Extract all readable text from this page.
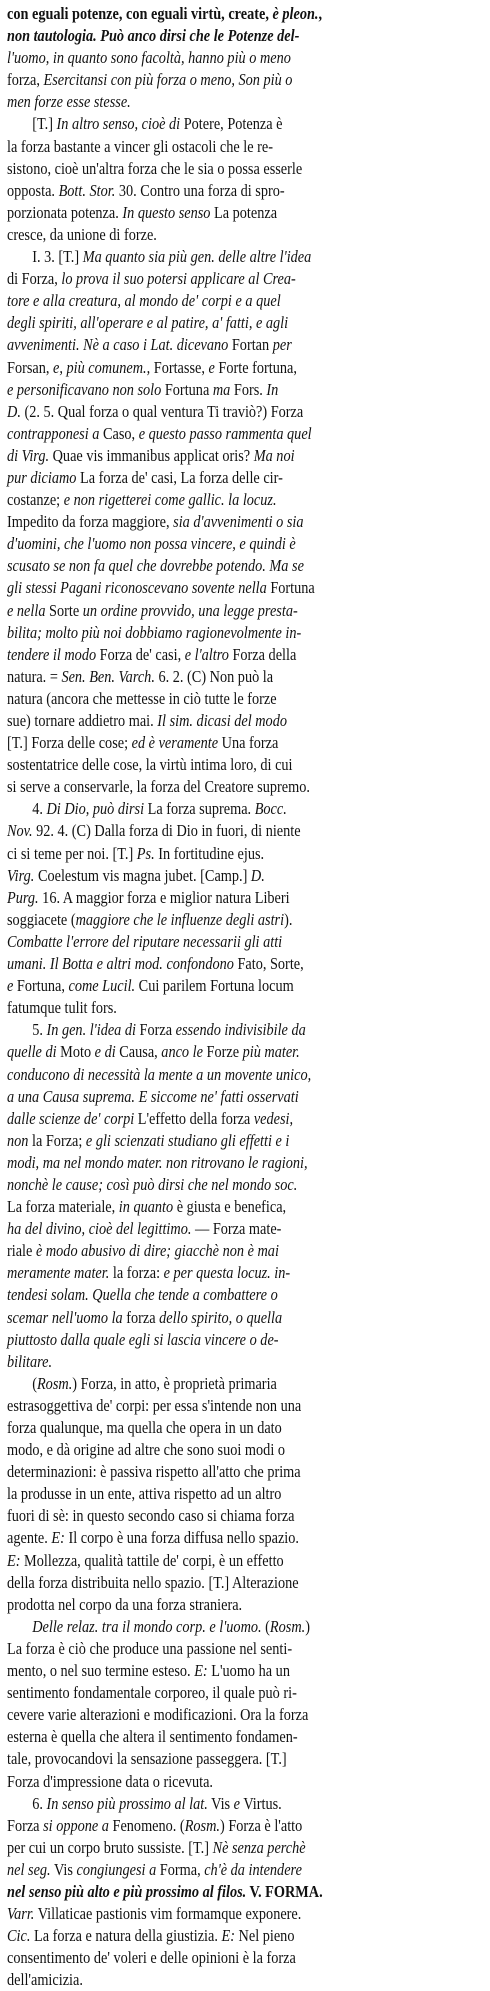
con eguali potenze, con eguali virtù, create, è pleon.,
non tautologia. Può anco dirsi che le Potenze del-
l'uomo, in quanto sono facoltà, hanno più o meno
forza, Esercitansi con più forza o meno, Son più o
men forze esse stesse.
[T.] In altro senso, cioè di Potere, Potenza è
la forza bastante a vincer gli ostacoli che le re-
sistono, cioè un'altra forza che le sia o possa esserle
opposta. Bott. Stor. 30. Contro una forza di spro-
porzionata potenza. In questo senso La potenza
cresce, da unione di forze.
I. 3. [T.] Ma quanto sia più gen. delle altre l'idea
di Forza, lo prova il suo potersi applicare al Crea-
tore e alla creatura, al mondo de' corpi e a quel
degli spiriti, all'operare e al patire, a' fatti, e agli
avvenimenti. Nè a caso i Lat. dicevano Fortan per
Forsan, e, più comunem., Fortasse, e Forte fortuna,
e personificavano non solo Fortuna ma Fors. In
D. (2. 5. Qual forza o qual ventura Ti traviò?) Forza
contrapponesi a Caso, e questo passo rammenta quel
di Virg. Quae vis immanibus applicat oris? Ma noi
pur diciamo La forza de' casi, La forza delle cir-
costanze; e non rigetterei come gallic. la locuz.
Impedito da forza maggiore, sia d'avvenimenti o sia
d'uomini, che l'uomo non possa vincere, e quindi è
scusato se non fa quel che dovrebbe potendo. Ma se
gli stessi Pagani riconoscevano sovente nella Fortuna
e nella Sorte un ordine provvido, una legge presta-
bilita; molto più noi dobbiamo ragionevolmente in-
tendere il modo Forza de' casi, e l'altro Forza della
natura. = Sen. Ben. Varch. 6. 2. (C) Non può la
natura (ancora che mettesse in ciò tutte le forze
sue) tornare addietro mai. Il sim. dicasi del modo
[T.] Forza delle cose; ed è veramente Una forza
sostentatrice delle cose, la virtù intima loro, di cui
si serve a conservarle, la forza del Creatore supremo.
4. Di Dio, può dirsi La forza suprema. Bocc.
Nov. 92. 4. (C) Dalla forza di Dio in fuori, di niente
ci si teme per noi. [T.] Ps. In fortitudine ejus.
Virg. Coelestum vis magna jubet. [Camp.] D.
Purg. 16. A maggior forza e miglior natura Liberi
soggiacete (maggiore che le influenze degli astri).
Combatte l'errore del riputare necessarii gli atti
umani. Il Botta e altri mod. confondono Fato, Sorte,
e Fortuna, come Lucil. Cui parilem Fortuna locum
fatumque tulit fors.
5. In gen. l'idea di Forza essendo indivisibile da
quelle di Moto e di Causa, anco le Forze più mater.
conducono di necessità la mente a un movente unico,
a una Causa suprema. E siccome ne' fatti osservati
dalle scienze de' corpi L'effetto della forza vedesi,
non la Forza; e gli scienzati studiano gli effetti e i
modi, ma nel mondo mater. non ritrovano le ragioni,
nonchè le cause; così può dirsi che nel mondo soc.
La forza materiale, in quanto è giusta e benefica,
ha del divino, cioè del legittimo. — Forza mate-
riale è modo abusivo di dire; giacchè non è mai
meramente mater. la forza: e per questa locuz. in-
tendesi solam. Quella che tende a combattere o
scemar nell'uomo la forza dello spirito, o quella
piuttosto dalla quale egli si lascia vincere o de-
bilitare.
(Rosm.) Forza, in atto, è proprietà primaria
estrasoggettiva de' corpi: per essa s'intende non una
forza qualunque, ma quella che opera in un dato
modo, e dà origine ad altre che sono suoi modi o
determinazioni: è passiva rispetto all'atto che prima
la produsse in un ente, attiva rispetto ad un altro
fuori di sè: in questo secondo caso si chiama forza
agente. E: Il corpo è una forza diffusa nello spazio.
E: Mollezza, qualità tattile de' corpi, è un effetto
della forza distribuita nello spazio. [T.] Alterazione
prodotta nel corpo da una forza straniera.
Delle relaz. tra il mondo corp. e l'uomo. (Rosm.)
La forza è ciò che produce una passione nel senti-
mento, o nel suo termine esteso. E: L'uomo ha un
sentimento fondamentale corporeo, il quale può ri-
cevere varie alterazioni e modificazioni. Ora la forza
esterna è quella che altera il sentimento fondamen-
tale, provocandovi la sensazione passeggera. [T.]
Forza d'impressione data o ricevuta.
6. In senso più prossimo al lat. Vis e Virtus.
Forza si oppone a Fenomeno. (Rosm.) Forza è l'atto
per cui un corpo bruto sussiste. [T.] Nè senza perchè
nel seg. Vis congiungesi a Forma, ch'è da intendere
nel senso più alto e più prossimo al filos. V. FORMA.
Varr. Villaticae pastionis vim formamque exponere.
Cic. La forza e natura della giustizia. E: Nel pieno
consentimento de' voleri e delle opinioni è la forza
dell'amicizia.
